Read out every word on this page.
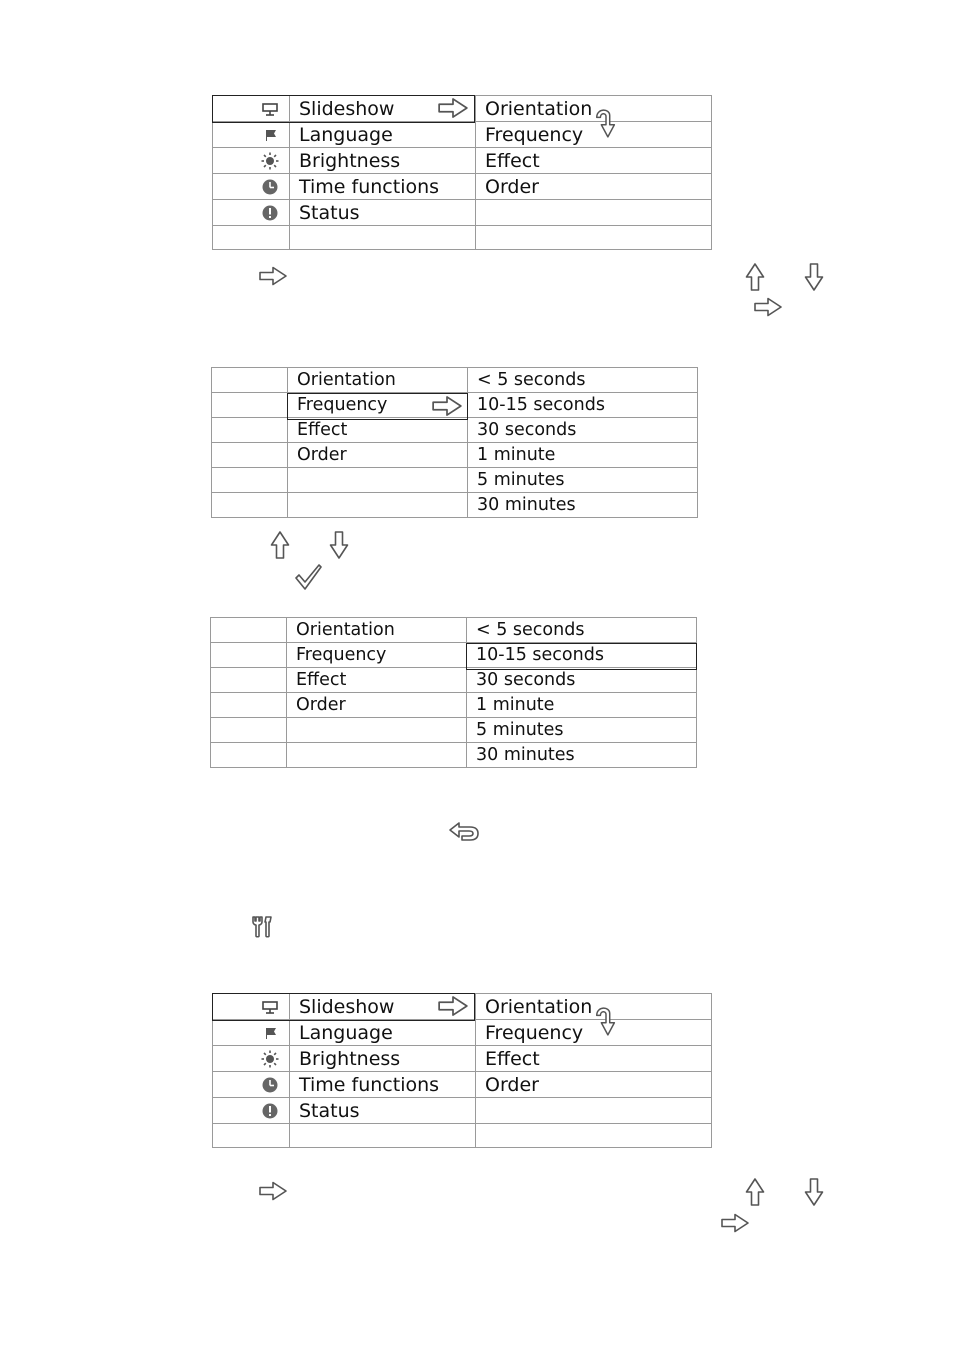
	Slideshow	Orientation
	Language	Frequency
	Brightness	Effect
	Time functions	Order
	Status	

	Orientation	< 5 seconds
	Frequency	10-15 seconds
	Effect	30 seconds
	Order	1 minute
		5 minutes
		30 minutes
	Orientation	< 5 seconds
	Frequency	10-15 seconds
	Effect	30 seconds
	Order	1 minute
		5 minutes
		30 minutes
	Slideshow	Orientation
	Language	Frequency
	Brightness	Effect
	Time functions	Order
	Status	
